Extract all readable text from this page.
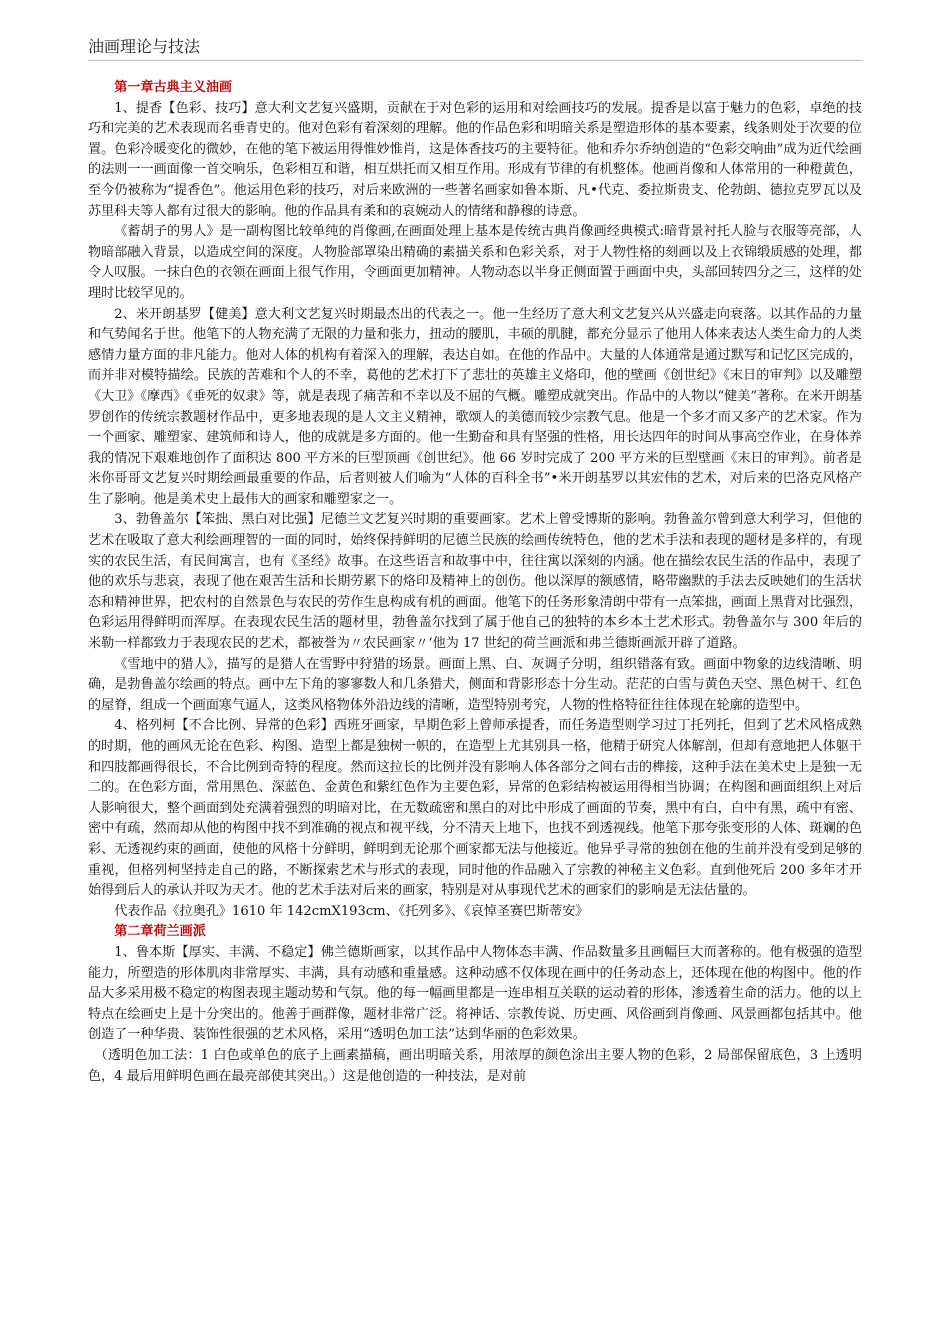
油画理论与技法

第一章古典主义油画

1、提香【色彩、技巧】意大利文艺复兴盛期，贡献在于对色彩的运用和对绘画技巧的发展。提香是以富于魅力的色彩，卓绝的技巧和完美的艺术表现而名垂青史的。他对色彩有着深刻的理解。他的作品色彩和明暗关系是塑造形体的基本要素，线条则处于次要的位置。色彩冷暖变化的微妙，在他的笔下被运用得惟妙惟肖，这是体香技巧的主要特征。他和乔尔乔纳创造的“色彩交响曲”成为近代绘画的法则一一画面像一首交响乐，色彩相互和谐，相互烘托而又相互作用。形成有节律的有机整体。他画肖像和人体常用的一种橙黄色，至今仍被称为“提香色”。他运用色彩的技巧，对后来欧洲的一些著名画家如鲁本斯、凡•代克、委拉斯贵支、伦勃朗、德拉克罗瓦以及苏里科夫等人都有过很大的影响。他的作品具有柔和的哀婉动人的情绪和静穆的诗意。

《蓄胡子的男人》是一副构图比较单纯的肖像画,在画面处理上基本是传统古典肖像画经典模式:暗背景衬托人脸与衣服等亮部，人物暗部融入背景，以造成空间的深度。人物脸部罩染出精确的素描关系和色彩关系，对于人物性格的刻画以及上衣锦缎质感的处理，都令人叹服。一抹白色的衣领在画面上很气作用，令画面更加精神。人物动态以半身正侧面置于画面中央，头部回转四分之三，这样的处理时比较罕见的。

2、米开朗基罗【健美】意大利文艺复兴时期最杰出的代表之一。他一生经历了意大利文艺复兴从兴盛走向衰落。以其作品的力量和气势闻名于世。他笔下的人物充满了无限的力量和张力，扭动的腰肌，丰硕的肌腱，都充分显示了他用人体来表达人类生命力的人类感情力量方面的非凡能力。他对人体的机构有着深入的理解，表达自如。在他的作品中。大量的人体通常是通过默写和记忆区完成的，而并非对模特描绘。民族的苦难和个人的不幸，葛他的艺术打下了悲壮的英雄主义烙印，他的壁画《创世纪》《末日的审判》以及雕塑《大卫》《摩西》《垂死的奴隶》等，就是表现了痛苦和不幸以及不屈的气概。雕塑成就突出。作品中的人物以“健美”著称。在米开朗基罗创作的传统宗教题材作品中，更多地表现的是人文主义精神，歌颂人的美德而较少宗教气息。他是一个多才而又多产的艺术家。作为一个画家、雕塑家、建筑师和诗人，他的成就是多方面的。他一生勤奋和具有坚强的性格，用长达四年的时间从事高空作业，在身体养我的情况下艰难地创作了面积达 800 平方米的巨型顶画《创世纪》。他 66 岁时完成了 200 平方米的巨型壁画《末日的审判》。前者是米你哥哥文艺复兴时期绘画最重要的作品，后者则被人们喻为“人体的百科全书”•米开朗基罗以其宏伟的艺术，对后来的巴洛克风格产生了影响。他是美术史上最伟大的画家和雕塑家之一。

3、勃鲁盖尔【笨拙、黑白对比强】尼德兰文艺复兴时期的重要画家。艺术上曾受博斯的影响。勃鲁盖尔曾到意大利学习，但他的艺术在吸取了意大利绘画理智的一面的同时，始终保持鲜明的尼德兰民族的绘画传统特色，他的艺术手法和表现的题材是多样的，有现实的农民生活，有民间寓言，也有《圣经》故事。在这些语言和故事中中，往往寓以深刻的内涵。他在描绘农民生活的作品中，表现了他的欢乐与悲哀，表现了他在艰苦生活和长期劳累下的烙印及精神上的创伤。他以深厚的额感情，略带幽默的手法去反映她们的生活状态和精神世界，把农村的自然景色与农民的劳作生息构成有机的画面。他笔下的任务形象清朗中带有一点笨拙，画面上黑背对比强烈，色彩运用得鲜明而浑厚。在表现农民生活的题材里，勃鲁盖尔找到了属于他自己的独特的本乡本土艺术形式。勃鲁盖尔与 300 年后的米勒一样都致力于表现农民的艺术，都被誉为〃农民画家〃‘他为 17 世纪的荷兰画派和弗兰德斯画派开辟了道路。

《雪地中的猎人》，描写的是猎人在雪野中狩猎的场景。画面上黑、白、灰调子分明，组织错落有致。画面中物象的边线清晰、明确，是勃鲁盖尔绘画的特点。画中左下角的寥寥数人和几条猎犬，侧面和背影形态十分生动。茫茫的白雪与黄色天空、黑色树干、红色的屋脊，组成一个画面寒气逼人，这类风格物体外沿边线的清晰，造型特别考究，人物的性格特征往往体现在轮廓的造型中。

4、格列柯【不合比例、异常的色彩】西班牙画家，早期色彩上曾师承提香，而任务造型则学习过丁托列托，但到了艺术风格成熟的时期，他的画风无论在色彩、构图、造型上都是独树一帜的，在造型上尤其别具一格，他精于研究人体解剖，但却有意地把人体躯干和四肢都画得很长，不合比例到奇特的程度。然而这拉长的比例并没有影响人体各部分之间右击的榫接，这种手法在美术史上是独一无二的。在色彩方面，常用黑色、深蓝色、金黄色和紫红色作为主要色彩，异常的色彩结构被运用得相当协调；在构图和画面组织上对后人影响很大，整个画面到处充满着强烈的明暗对比，在无数疏密和黑白的对比中形成了画面的节奏，黑中有白，白中有黑，疏中有密、密中有疏，然而却从他的构图中找不到准确的视点和视平线，分不清天上地下，也找不到透视线。他笔下那夸张变形的人体、斑斓的色彩、无透视约束的画面，使他的风格十分鲜明，鲜明到无论那个画家都无法与他接近。他异乎寻常的独创在他的生前并没有受到足够的重视，但格列柯坚持走自己的路，不断探索艺术与形式的表现，同时他的作品融入了宗教的神秘主义色彩。直到他死后 200 多年才开始得到后人的承认并叹为天才。他的艺术手法对后来的画家，特别是对从事现代艺术的画家们的影响是无法估量的。

代表作品《拉奥孔》1610 年 142cmX193cm、《托列多》、《哀悼圣赛巴斯蒂安》

第二章荷兰画派

1、鲁本斯【厚实、丰满、不稳定】佛兰德斯画家，以其作品中人物体态丰满、作品数量多且画幅巨大而著称的。他有极强的造型能力，所塑造的形体肌肉非常厚实、丰满，具有动感和重量感。这种动感不仅体现在画中的任务动态上，还体现在他的构图中。他的作品大多采用极不稳定的构图表现主题动势和气氛。他的每一幅画里都是一连串相互关联的运动着的形体，渗透着生命的活力。他的以上特点在绘画史上是十分突出的。他善于画群像，题材非常广泛。将神话、宗教传说、历史画、风俗画到肖像画、风景画都包括其中。他创造了一种华贵、装饰性很强的艺术风格，采用“透明色加工法”达到华丽的色彩效果。

（透明色加工法：1 白色或单色的底子上画素描稿，画出明暗关系，用浓厚的颜色涂出主要人物的色彩，2 局部保留底色，3 上透明色，4 最后用鲜明色画在最亮部使其突出。）这是他创造的一种技法，是对前
